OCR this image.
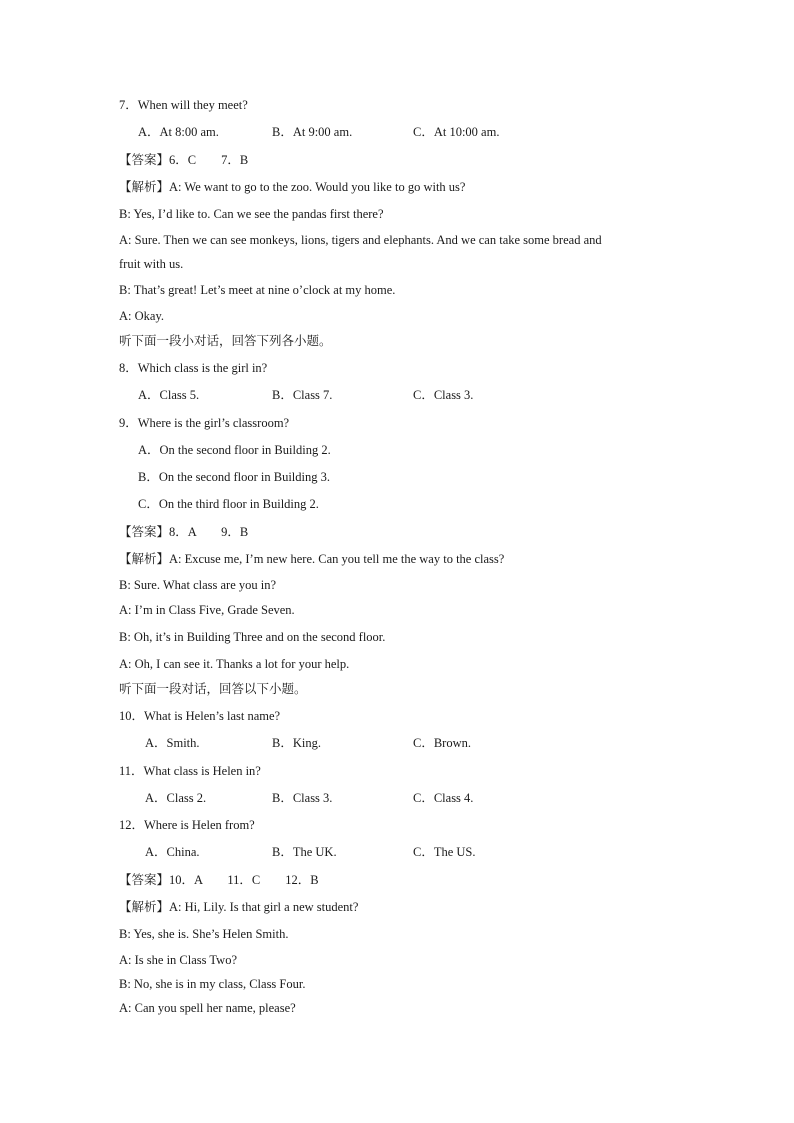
7．When will they meet?
A．At 8:00 am.	B．At 9:00 am.	C．At 10:00 am.
【答案】6．C　　7．B
【解析】A: We want to go to the zoo. Would you like to go with us?
B: Yes, I’d like to. Can we see the pandas first there?
A: Sure. Then we can see monkeys, lions, tigers and elephants. And we can take some bread and
fruit with us.
B: That’s great! Let’s meet at nine o’clock at my home.
A: Okay.
听下面一段小对话，回答下列各小题。
8．Which class is the girl in?
A．Class 5.	B．Class 7.	C．Class 3.
9．Where is the girl’s classroom?
A．On the second floor in Building 2.
B．On the second floor in Building 3.
C．On the third floor in Building 2.
【答案】8．A　　9．B
【解析】A: Excuse me, I’m new here. Can you tell me the way to the class?
B: Sure. What class are you in?
A: I’m in Class Five, Grade Seven.
B: Oh, it’s in Building Three and on the second floor.
A: Oh, I can see it. Thanks a lot for your help.
听下面一段对话，回答以下小题。
10．What is Helen’s last name?
A．Smith.	B．King.	C．Brown.
11．What class is Helen in?
A．Class 2.	B．Class 3.	C．Class 4.
12．Where is Helen from?
A．China.	B．The UK.	C．The US.
【答案】10．A　　11．C　　12．B
【解析】A: Hi, Lily. Is that girl a new student?
B: Yes, she is. She’s Helen Smith.
A: Is she in Class Two?
B: No, she is in my class, Class Four.
A: Can you spell her name, please?
